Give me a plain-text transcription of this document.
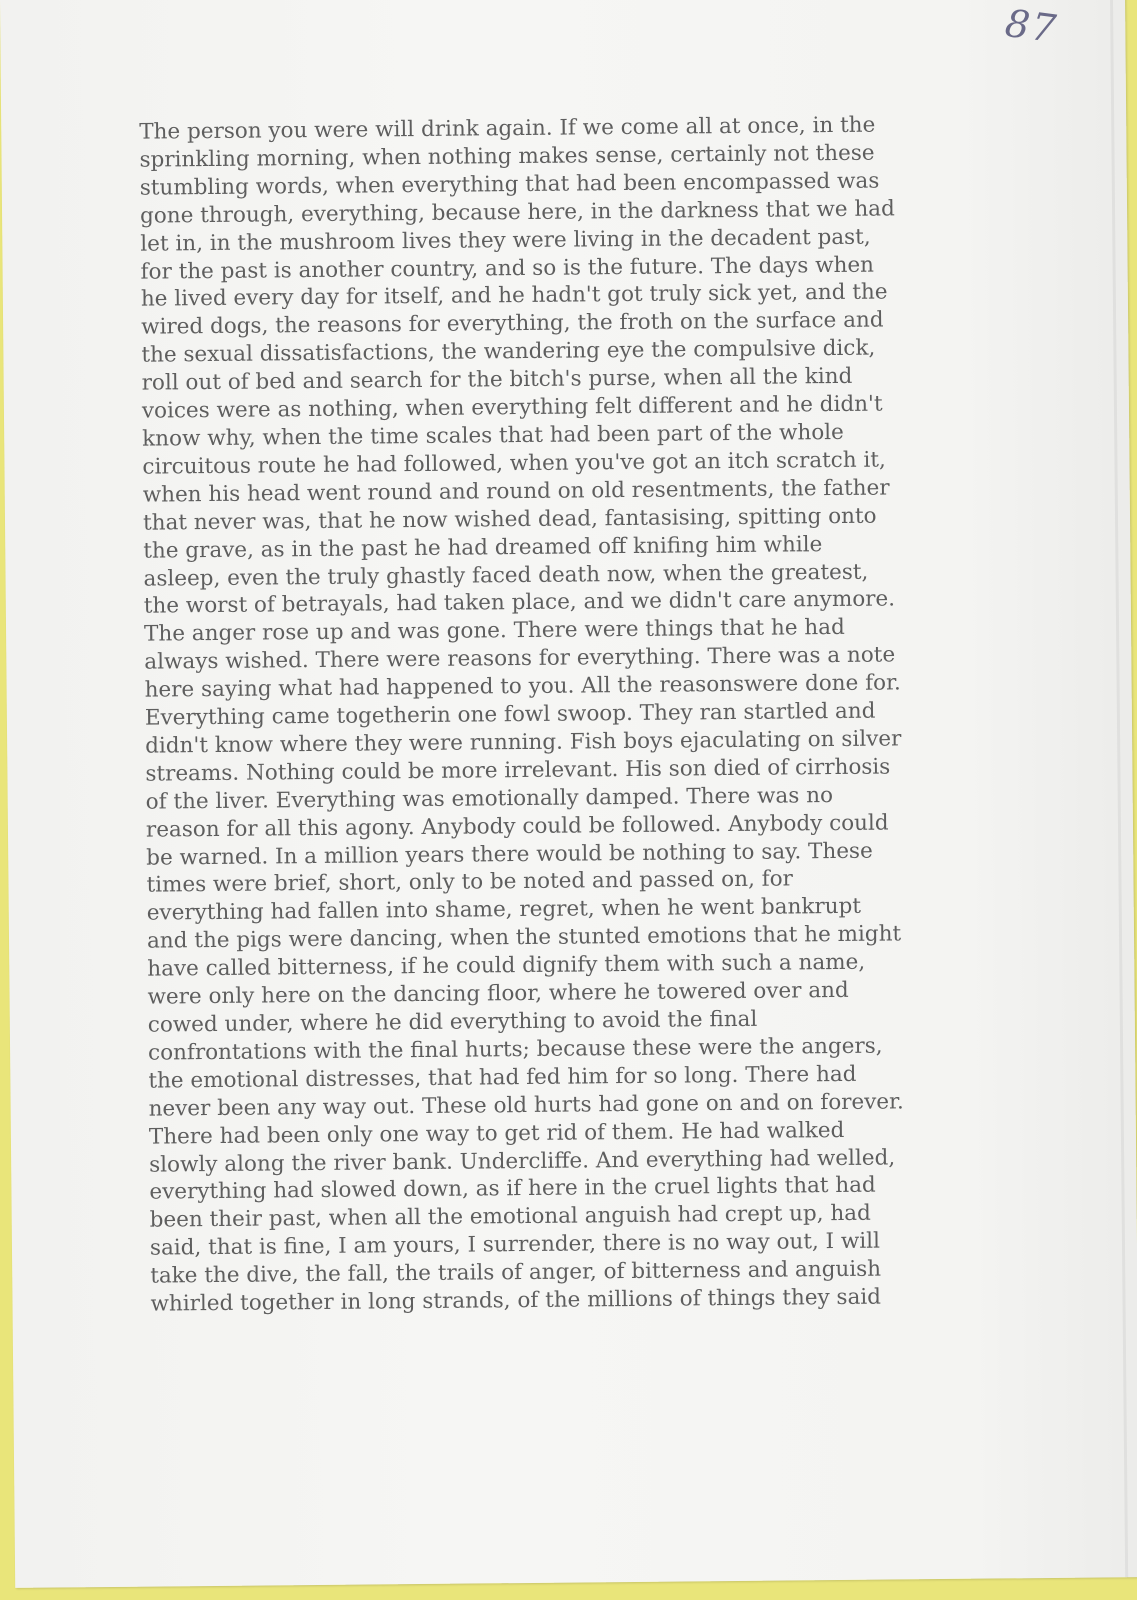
87
The person you were will drink again. If we come all at once, in the
sprinkling morning, when nothing makes sense, certainly not these
stumbling words, when everything that had been encompassed was
gone through, everything, because here, in the darkness that we had
let in, in the mushroom lives they were living in the decadent past,
for the past is another country, and so is the future. The days when
he lived every day for itself, and he hadn't got truly sick yet, and the
wired dogs, the reasons for everything, the froth on the surface and
the sexual dissatisfactions, the wandering eye the compulsive dick,
roll out of bed and search for the bitch's purse, when all the kind
voices were as nothing, when everything felt different and he didn't
know why, when the time scales that had been part of the whole
circuitous route he had followed, when you've got an itch scratch it,
when his head went round and round on old resentments, the father
that never was, that he now wished dead, fantasising, spitting onto
the grave, as in the past he had dreamed off knifing him while
asleep, even the truly ghastly faced death now, when the greatest,
the worst of betrayals, had taken place, and we didn't care anymore.
The anger rose up and was gone. There were things that he had
always wished. There were reasons for everything. There was a note
here saying what had happened to you. All the reasonswere done for.
Everything came togetherin one fowl swoop. They ran startled and
didn't know where they were running. Fish boys ejaculating on silver
streams. Nothing could be more irrelevant. His son died of cirrhosis
of the liver. Everything was emotionally damped. There was no
reason for all this agony. Anybody could be followed. Anybody could
be warned. In a million years there would be nothing to say. These
times were brief, short, only to be noted and passed on, for
everything had fallen into shame, regret, when he went bankrupt
and the pigs were dancing, when the stunted emotions that he might
have called bitterness, if he could dignify them with such a name,
were only here on the dancing floor, where he towered over and
cowed under, where he did everything to avoid the final
confrontations with the final hurts; because these were the angers,
the emotional distresses, that had fed him for so long. There had
never been any way out. These old hurts had gone on and on forever.
There had been only one way to get rid of them. He had walked
slowly along the river bank. Undercliffe. And everything had welled,
everything had slowed down, as if here in the cruel lights that had
been their past, when all the emotional anguish had crept up, had
said, that is fine, I am yours, I surrender, there is no way out, I will
take the dive, the fall, the trails of anger, of bitterness and anguish
whirled together in long strands, of the millions of things they said
